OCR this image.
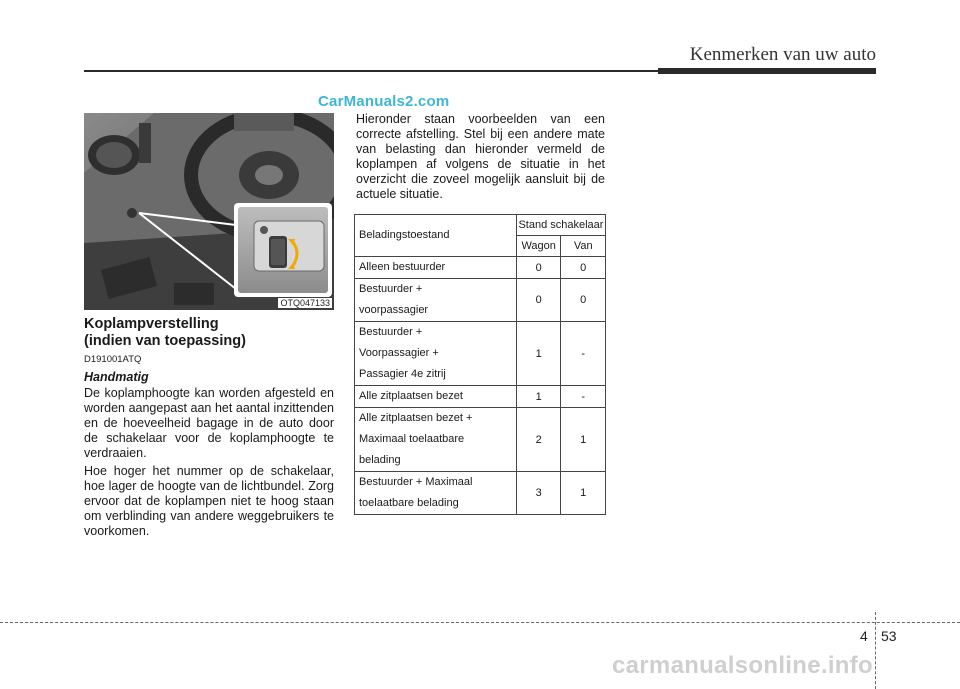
Kenmerken van uw auto
CarManuals2.com
OTQ047133
Koplampverstelling
(indien van toepassing)
D191001ATQ
Handmatig
De koplamphoogte kan worden afgesteld en worden aangepast aan het aantal inzittenden en de hoeveelheid bagage in de auto door de schakelaar voor de koplamphoogte te verdraaien.
Hoe hoger het nummer op de schakelaar, hoe lager de hoogte van de lichtbundel. Zorg ervoor dat de koplampen niet te hoog staan om verblinding van andere weggebruikers te voorkomen.
Hieronder staan voorbeelden van een correcte afstelling. Stel bij een andere mate van belasting dan hieronder vermeld de koplampen af volgens de situatie in het overzicht die zoveel mogelijk aansluit bij de actuele situatie.
Beladingstoestand	Stand schakelaar	
	Wagon	Van

Alleen bestuurder	0	0

Bestuurder +
voorpassagier	0	0

Bestuurder +
Voorpassagier +
Passagier 4e zitrij	1	-

Alle zitplaatsen bezet	1	-

Alle zitplaatsen bezet +
Maximaal toelaatbare
belading	2	1

Bestuurder + Maximaal
toelaatbare belading	3	1
4 53
carmanualsonline.info
